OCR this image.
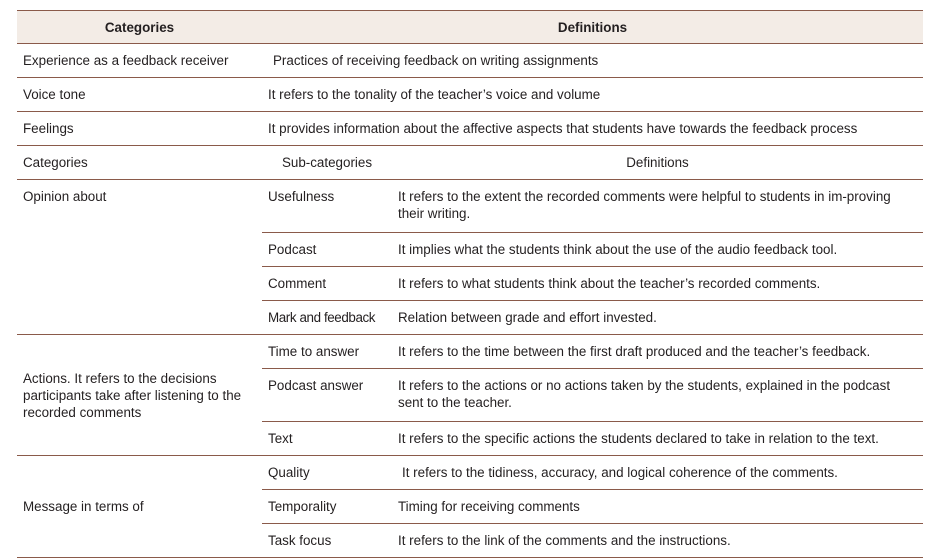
Categories	Definitions	
Experience as a feedback receiver	Practices of receiving feedback on writing assignments	
Voice tone	It refers to the tonality of the teacher’s voice and volume	
Feelings	It provides information about the affective aspects that students have towards the feedback process	
Categories	Sub-categories	Definitions
Opinion about	Usefulness	It refers to the extent the recorded comments were helpful to students in im-proving their writing.
	Podcast	It implies what the students think about the use of the audio feedback tool.
	Comment	It refers to what students think about the teacher’s recorded comments.
	Mark and feedback	Relation between grade and effort invested.
Actions. It refers to the decisions participants take after listening to the recorded comments	Time to answer	It refers to the time between the first draft produced and the teacher’s feedback.
	Podcast answer	It refers to the actions or no actions taken by the students, explained in the podcast sent to the teacher.
	Text	It refers to the specific actions the students declared to take in relation to the text.
Message in terms of	Quality	It refers to the tidiness, accuracy, and logical coherence of the comments.
	Temporality	Timing for receiving comments
	Task focus	It refers to the link of the comments and the instructions.
